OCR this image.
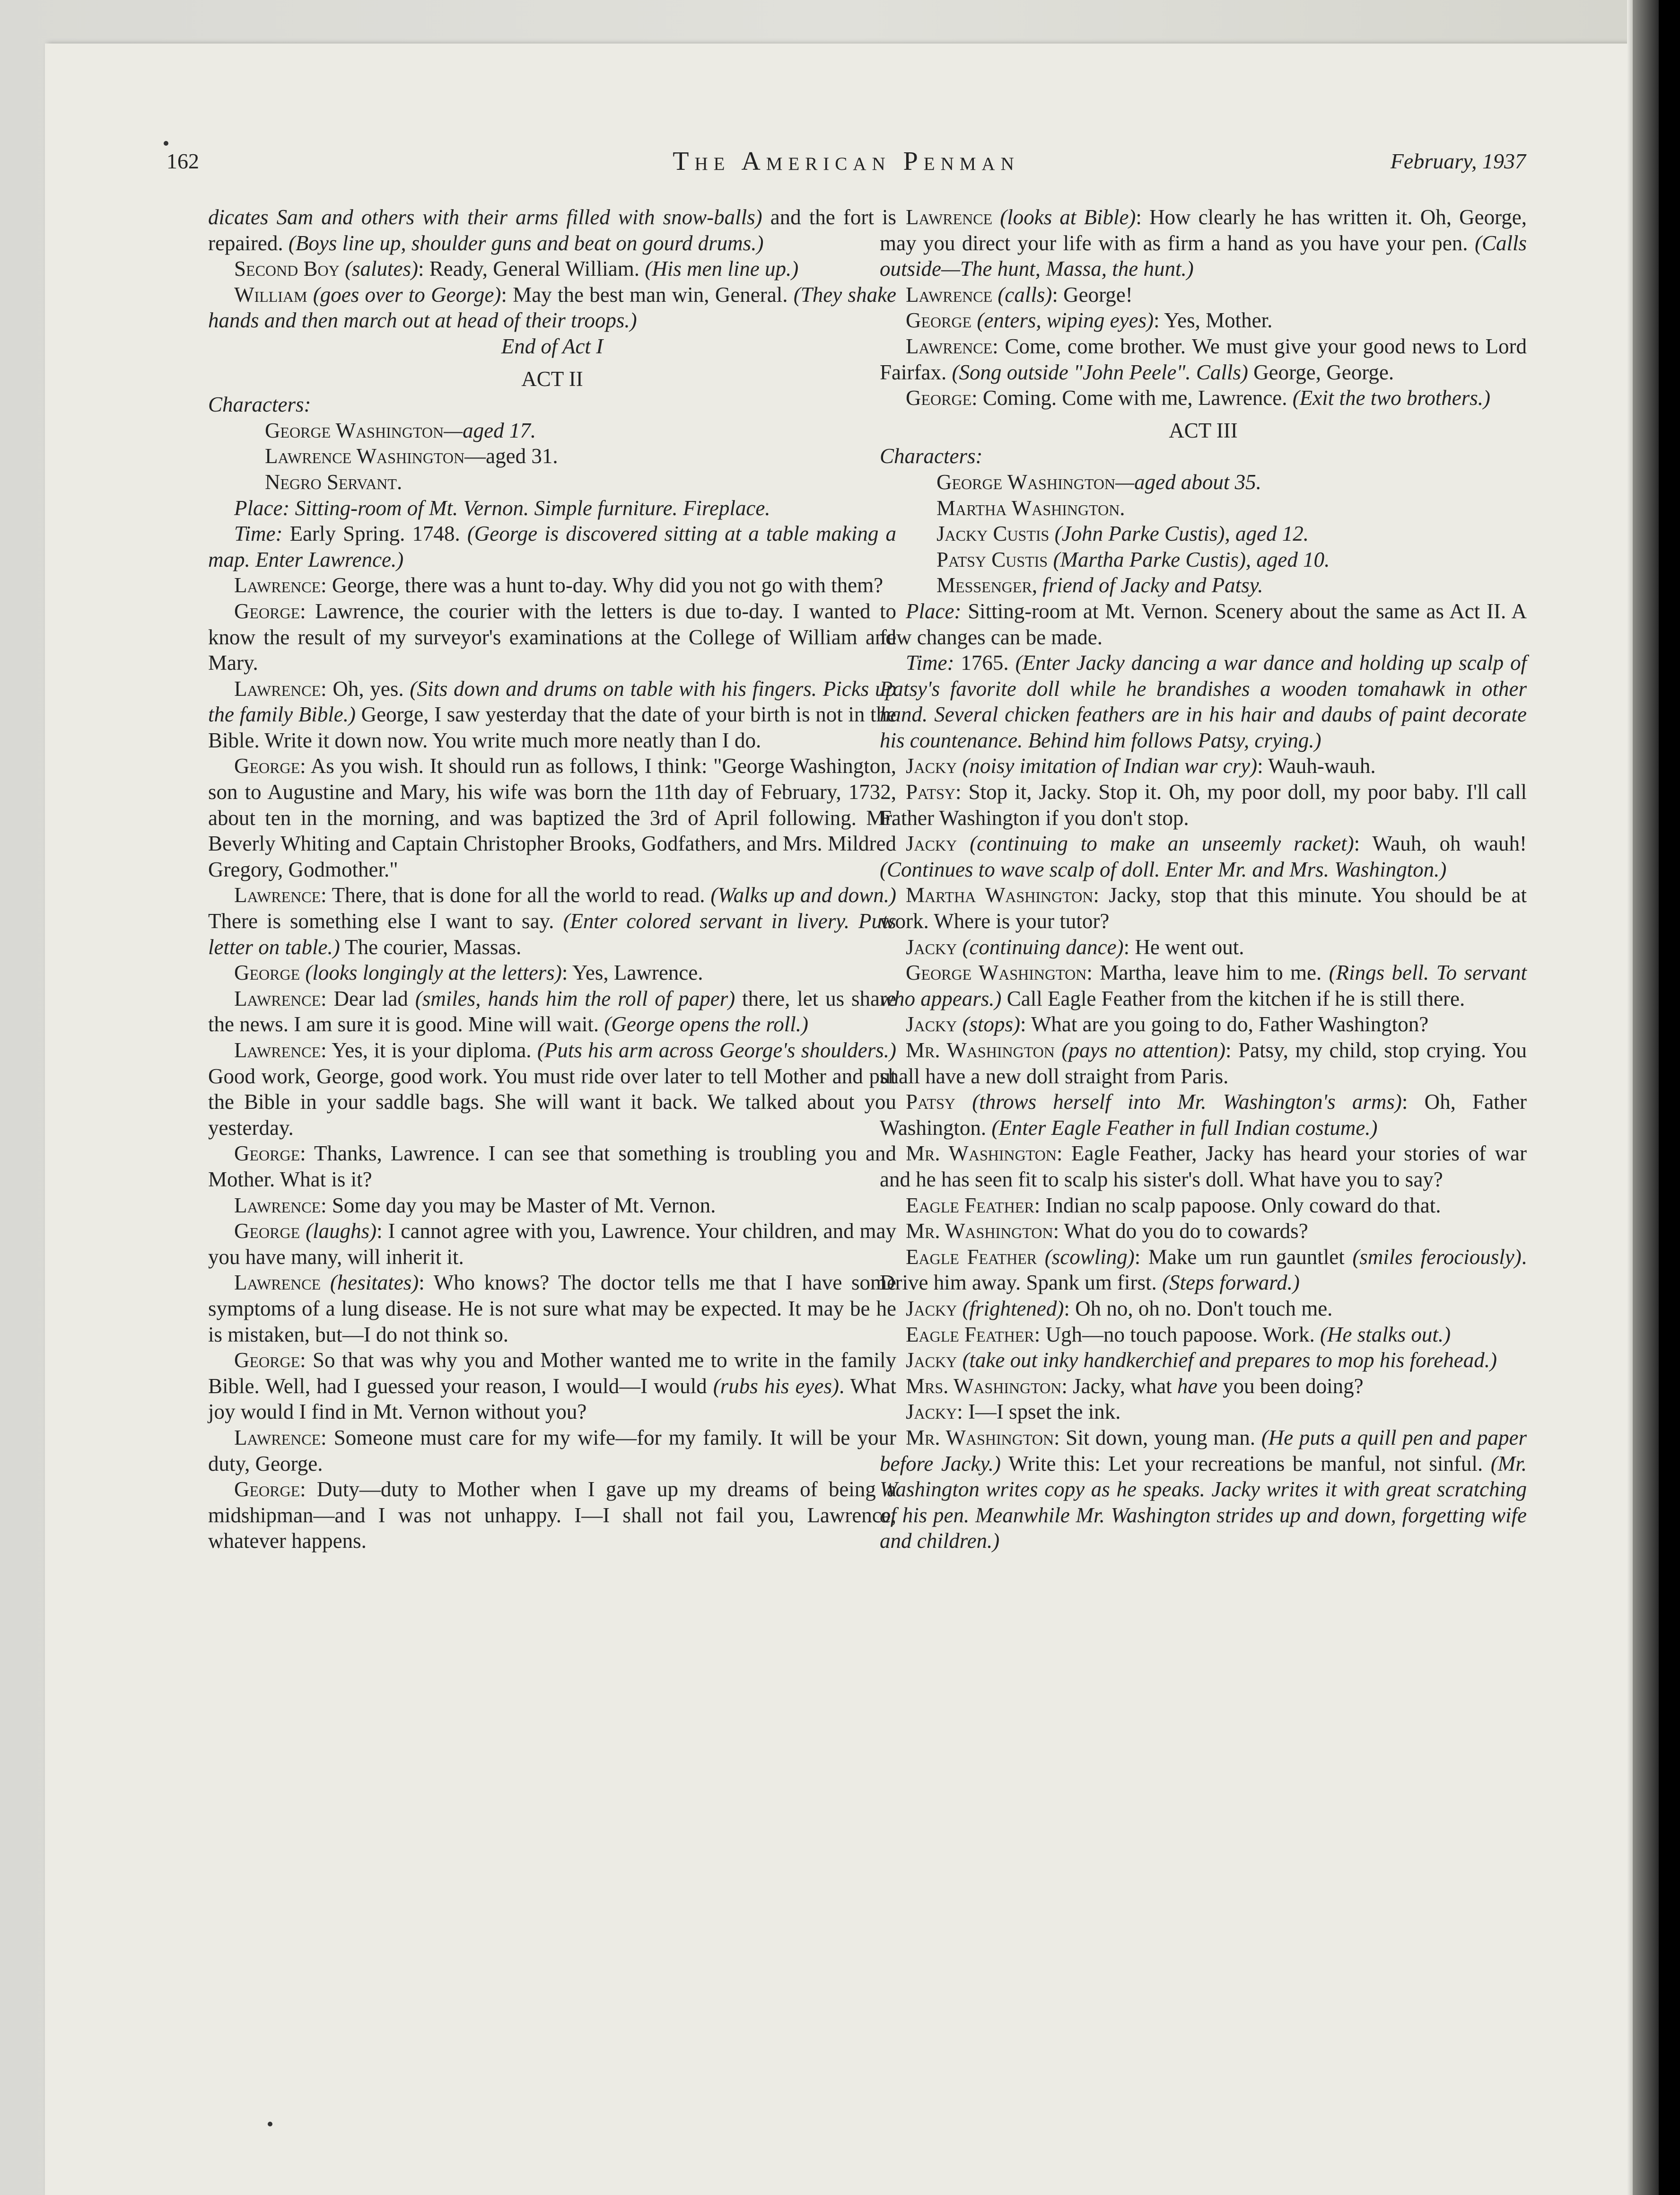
162	The American Penman	February, 1937

dicates Sam and others with their arms filled with snow-balls) and the fort is repaired. (Boys line up, shoulder guns and beat on gourd drums.)

Second Boy (salutes): Ready, General William. (His men line up.)

William (goes over to George): May the best man win, General. (They shake hands and then march out at head of their troops.)

End of Act I

ACT II

Characters:

George Washington—aged 17.

Lawrence Washington—aged 31.

Negro Servant.

Place: Sitting-room of Mt. Vernon. Simple furniture. Fireplace.

Time: Early Spring. 1748. (George is discovered sitting at a table making a map. Enter Lawrence.)

Lawrence: George, there was a hunt to-day. Why did you not go with them?

George: Lawrence, the courier with the letters is due to-day. I wanted to know the result of my surveyor's examinations at the College of William and Mary.

Lawrence: Oh, yes. (Sits down and drums on table with his fingers. Picks up the family Bible.) George, I saw yesterday that the date of your birth is not in the Bible. Write it down now. You write much more neatly than I do.

George: As you wish. It should run as follows, I think: "George Washington, son to Augustine and Mary, his wife was born the 11th day of February, 1732, about ten in the morning, and was baptized the 3rd of April following. Mr. Beverly Whiting and Captain Christopher Brooks, Godfathers, and Mrs. Mildred Gregory, Godmother."

Lawrence: There, that is done for all the world to read. (Walks up and down.) There is something else I want to say. (Enter colored servant in livery. Puts letter on table.) The courier, Massas.

George (looks longingly at the letters): Yes, Lawrence.

Lawrence: Dear lad (smiles, hands him the roll of paper) there, let us share the news. I am sure it is good. Mine will wait. (George opens the roll.)

Lawrence: Yes, it is your diploma. (Puts his arm across George's shoulders.) Good work, George, good work. You must ride over later to tell Mother and put the Bible in your saddle bags. She will want it back. We talked about you yesterday.

George: Thanks, Lawrence. I can see that something is troubling you and Mother. What is it?

Lawrence: Some day you may be Master of Mt. Vernon.

George (laughs): I cannot agree with you, Lawrence. Your children, and may you have many, will inherit it.

Lawrence (hesitates): Who knows? The doctor tells me that I have some symptoms of a lung disease. He is not sure what may be expected. It may be he is mistaken, but—I do not think so.

George: So that was why you and Mother wanted me to write in the family Bible. Well, had I guessed your reason, I would—I would (rubs his eyes). What joy would I find in Mt. Vernon without you?

Lawrence: Someone must care for my wife—for my family. It will be your duty, George.

George: Duty—duty to Mother when I gave up my dreams of being a midshipman—and I was not unhappy. I—I shall not fail you, Lawrence, whatever happens.

Lawrence (looks at Bible): How clearly he has written it. Oh, George, may you direct your life with as firm a hand as you have your pen. (Calls outside—The hunt, Massa, the hunt.)

Lawrence (calls): George!

George (enters, wiping eyes): Yes, Mother.

Lawrence: Come, come brother. We must give your good news to Lord Fairfax. (Song outside "John Peele". Calls) George, George.

George: Coming. Come with me, Lawrence. (Exit the two brothers.)

ACT III

Characters:

George Washington—aged about 35.

Martha Washington.

Jacky Custis (John Parke Custis), aged 12.

Patsy Custis (Martha Parke Custis), aged 10.

Messenger, friend of Jacky and Patsy.

Place: Sitting-room at Mt. Vernon. Scenery about the same as Act II. A few changes can be made.

Time: 1765. (Enter Jacky dancing a war dance and holding up scalp of Patsy's favorite doll while he brandishes a wooden tomahawk in other hand. Several chicken feathers are in his hair and daubs of paint decorate his countenance. Behind him follows Patsy, crying.)

Jacky (noisy imitation of Indian war cry): Wauh-wauh.

Patsy: Stop it, Jacky. Stop it. Oh, my poor doll, my poor baby. I'll call Father Washington if you don't stop.

Jacky (continuing to make an unseemly racket): Wauh, oh wauh! (Continues to wave scalp of doll. Enter Mr. and Mrs. Washington.)

Martha Washington: Jacky, stop that this minute. You should be at work. Where is your tutor?

Jacky (continuing dance): He went out.

George Washington: Martha, leave him to me. (Rings bell. To servant who appears.) Call Eagle Feather from the kitchen if he is still there.

Jacky (stops): What are you going to do, Father Washington?

Mr. Washington (pays no attention): Patsy, my child, stop crying. You shall have a new doll straight from Paris.

Patsy (throws herself into Mr. Washington's arms): Oh, Father Washington. (Enter Eagle Feather in full Indian costume.)

Mr. Washington: Eagle Feather, Jacky has heard your stories of war and he has seen fit to scalp his sister's doll. What have you to say?

Eagle Feather: Indian no scalp papoose. Only coward do that.

Mr. Washington: What do you do to cowards?

Eagle Feather (scowling): Make um run gauntlet (smiles ferociously). Drive him away. Spank um first. (Steps forward.)

Jacky (frightened): Oh no, oh no. Don't touch me.

Eagle Feather: Ugh—no touch papoose. Work. (He stalks out.)

Jacky (take out inky handkerchief and prepares to mop his forehead.)

Mrs. Washington: Jacky, what have you been doing?

Jacky: I—I spset the ink.

Mr. Washington: Sit down, young man. (He puts a quill pen and paper before Jacky.) Write this: Let your recreations be manful, not sinful. (Mr. Washington writes copy as he speaks. Jacky writes it with great scratching of his pen. Meanwhile Mr. Washington strides up and down, forgetting wife and children.)
